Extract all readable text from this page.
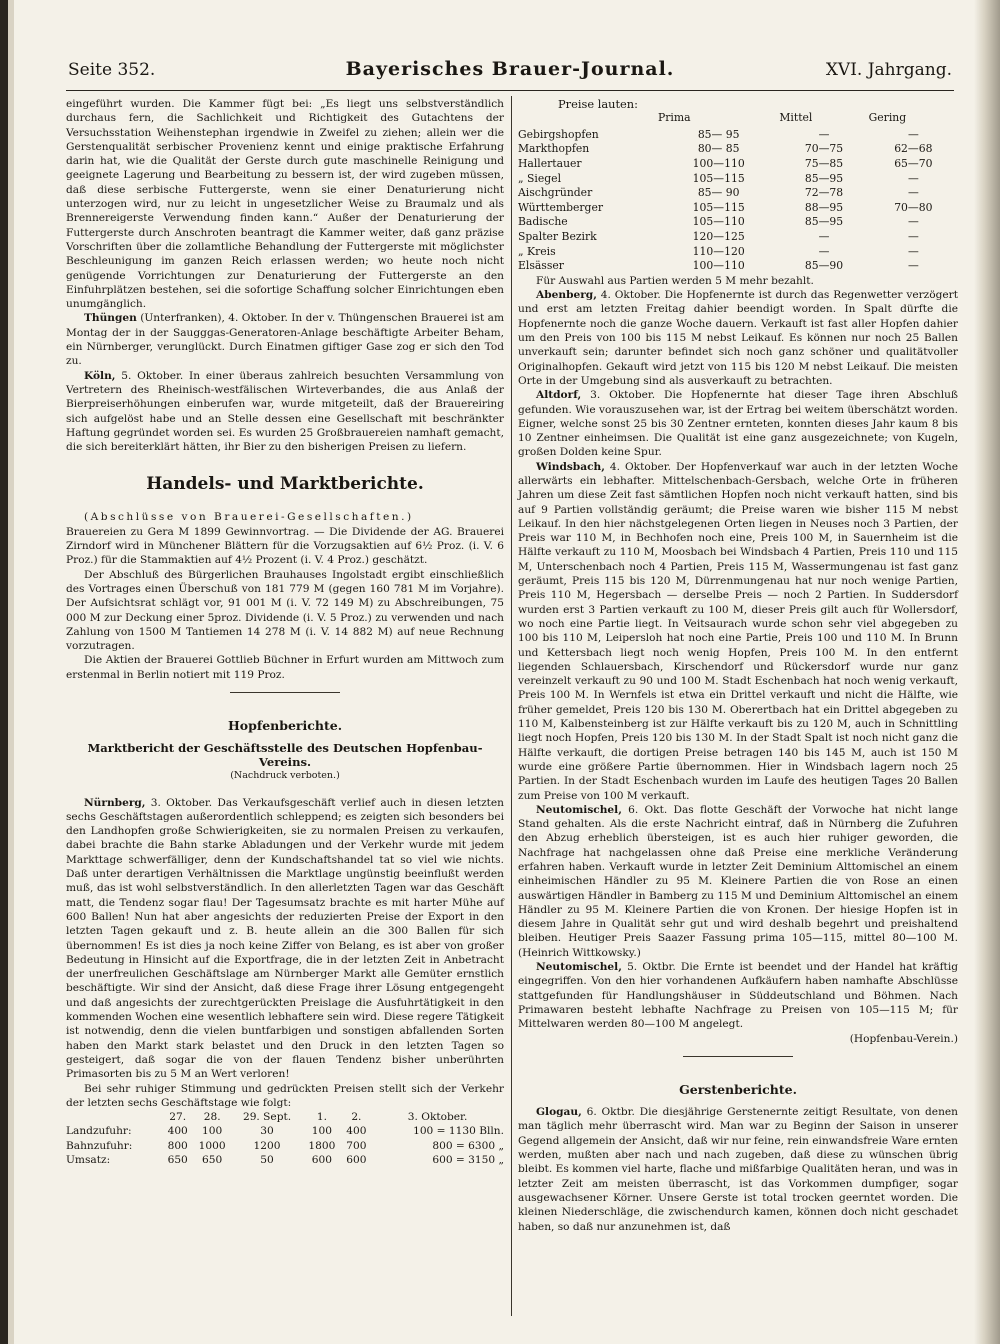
Seite 352.	Bayerisches Brauer-Journal.	XVI. Jahrgang.

eingeführt wurden. Die Kammer fügt bei: „Es liegt uns selbstverständlich durchaus fern, die Sachlichkeit und Richtigkeit des Gutachtens der Versuchsstation Weihenstephan irgendwie in Zweifel zu ziehen; allein wer die Gerstenqualität serbischer Provenienz kennt und einige praktische Erfahrung darin hat, wie die Qualität der Gerste durch gute maschinelle Reinigung und geeignete Lagerung und Bearbeitung zu bessern ist, der wird zugeben müssen, daß diese serbische Futtergerste, wenn sie einer Denaturierung nicht unterzogen wird, nur zu leicht in ungesetzlicher Weise zu Braumalz und als Brennereigerste Verwendung finden kann.“ Außer der Denaturierung der Futtergerste durch Anschroten beantragt die Kammer weiter, daß ganz präzise Vorschriften über die zollamtliche Behandlung der Futtergerste mit möglichster Beschleunigung im ganzen Reich erlassen werden; wo heute noch nicht genügende Vorrichtungen zur Denaturierung der Futtergerste an den Einfuhrplätzen bestehen, sei die sofortige Schaffung solcher Einrichtungen eben unumgänglich.

Thüngen (Unterfranken), 4. Oktober. In der v. Thüngenschen Brauerei ist am Montag der in der Saugggas-Generatoren-Anlage beschäftigte Arbeiter Beham, ein Nürnberger, verunglückt. Durch Einatmen giftiger Gase zog er sich den Tod zu.

Köln, 5. Oktober. In einer überaus zahlreich besuchten Versammlung von Vertretern des Rheinisch-westfälischen Wirteverbandes, die aus Anlaß der Bierpreiserhöhungen einberufen war, wurde mitgeteilt, daß der Brauereiring sich aufgelöst habe und an Stelle dessen eine Gesellschaft mit beschränkter Haftung gegründet worden sei. Es wurden 25 Großbrauereien namhaft gemacht, die sich bereiterklärt hätten, ihr Bier zu den bisherigen Preisen zu liefern.

Handels- und Marktberichte.

(Abschlüsse von Brauerei-Gesellschaften.)

Brauereien zu Gera M 1899 Gewinnvortrag. — Die Dividende der AG. Brauerei Zirndorf wird in Münchener Blättern für die Vorzugsaktien auf 6½ Proz. (i. V. 6 Proz.) für die Stammaktien auf 4½ Prozent (i. V. 4 Proz.) geschätzt.

Der Abschluß des Bürgerlichen Brauhauses Ingolstadt ergibt einschließlich des Vortrages einen Überschuß von 181 779 M (gegen 160 781 M im Vorjahre). Der Aufsichtsrat schlägt vor, 91 001 M (i. V. 72 149 M) zu Abschreibungen, 75 000 M zur Deckung einer 5proz. Dividende (i. V. 5 Proz.) zu verwenden und nach Zahlung von 1500 M Tantiemen 14 278 M (i. V. 14 882 M) auf neue Rechnung vorzutragen.

Die Aktien der Brauerei Gottlieb Büchner in Erfurt wurden am Mittwoch zum erstenmal in Berlin notiert mit 119 Proz.

Hopfenberichte.
Marktbericht der Geschäftsstelle des Deutschen Hopfenbau-Vereins.
(Nachdruck verboten.)

Nürnberg, 3. Oktober. Das Verkaufsgeschäft verlief auch in diesen letzten sechs Geschäftstagen außerordentlich schleppend; es zeigten sich besonders bei den Landhopfen große Schwierigkeiten, sie zu normalen Preisen zu verkaufen, dabei brachte die Bahn starke Abladungen und der Verkehr wurde mit jedem Markttage schwerfälliger, denn der Kundschaftshandel tat so viel wie nichts. Daß unter derartigen Verhältnissen die Marktlage ungünstig beeinflußt werden muß, das ist wohl selbstverständlich. In den allerletzten Tagen war das Geschäft matt, die Tendenz sogar flau! Der Tagesumsatz brachte es mit harter Mühe auf 600 Ballen! Nun hat aber angesichts der reduzierten Preise der Export in den letzten Tagen gekauft und z. B. heute allein an die 300 Ballen für sich übernommen! Es ist dies ja noch keine Ziffer von Belang, es ist aber von großer Bedeutung in Hinsicht auf die Exportfrage, die in der letzten Zeit in Anbetracht der unerfreulichen Geschäftslage am Nürnberger Markt alle Gemüter ernstlich beschäftigte. Wir sind der Ansicht, daß diese Frage ihrer Lösung entgegengeht und daß angesichts der zurechtgerückten Preislage die Ausfuhrtätigkeit in den kommenden Wochen eine wesentlich lebhaftere sein wird. Diese regere Tätigkeit ist notwendig, denn die vielen buntfarbigen und sonstigen abfallenden Sorten haben den Markt stark belastet und den Druck in den letzten Tagen so gesteigert, daß sogar die von der flauen Tendenz bisher unberührten Primasorten bis zu 5 M an Wert verloren!

Bei sehr ruhiger Stimmung und gedrückten Preisen stellt sich der Verkehr der letzten sechs Geschäftstage wie folgt:

	27.	28.	29. Sept.	1.	2.	3. Oktober.
Landzufuhr:	400	100	30	100	400	100 = 1130 Blln.
Bahnzufuhr:	800	1000	1200	1800	700	800 = 6300 „
Umsatz:	650	650	50	600	600	600 = 3150 „
Preise lauten:
	Prima	Mittel	Gering
Gebirgshopfen	85— 95	—	—
Markthopfen	80— 85	70—75	62—68
Hallertauer	100—110	75—85	65—70
„ Siegel	105—115	85—95	—
Aischgründer	85— 90	72—78	—
Württemberger	105—115	88—95	70—80
Badische	105—110	85—95	—
Spalter Bezirk	120—125	—	—
„ Kreis	110—120	—	—
Elsässer	100—110	85—90	—

Für Auswahl aus Partien werden 5 M mehr bezahlt.

Abenberg, 4. Oktober. Die Hopfenernte ist durch das Regenwetter verzögert und erst am letzten Freitag dahier beendigt worden. In Spalt dürfte die Hopfenernte noch die ganze Woche dauern. Verkauft ist fast aller Hopfen dahier um den Preis von 100 bis 115 M nebst Leikauf. Es können nur noch 25 Ballen unverkauft sein; darunter befindet sich noch ganz schöner und qualitätvoller Originalhopfen. Gekauft wird jetzt von 115 bis 120 M nebst Leikauf. Die meisten Orte in der Umgebung sind als ausverkauft zu betrachten.

Altdorf, 3. Oktober. Die Hopfenernte hat dieser Tage ihren Abschluß gefunden. Wie vorauszusehen war, ist der Ertrag bei weitem überschätzt worden. Eigner, welche sonst 25 bis 30 Zentner ernteten, konnten dieses Jahr kaum 8 bis 10 Zentner einheimsen. Die Qualität ist eine ganz ausgezeichnete; von Kugeln, großen Dolden keine Spur.

Windsbach, 4. Oktober. Der Hopfenverkauf war auch in der letzten Woche allerwärts ein lebhafter. Mittelschenbach-Gersbach, welche Orte in früheren Jahren um diese Zeit fast sämtlichen Hopfen noch nicht verkauft hatten, sind bis auf 9 Partien vollständig geräumt; die Preise waren wie bisher 115 M nebst Leikauf. In den hier nächstgelegenen Orten liegen in Neuses noch 3 Partien, der Preis war 110 M, in Bechhofen noch eine, Preis 100 M, in Sauernheim ist die Hälfte verkauft zu 110 M, Moosbach bei Windsbach 4 Partien, Preis 110 und 115 M, Unterschenbach noch 4 Partien, Preis 115 M, Wassermungenau ist fast ganz geräumt, Preis 115 bis 120 M, Dürrenmungenau hat nur noch wenige Partien, Preis 110 M, Hegersbach — derselbe Preis — noch 2 Partien. In Suddersdorf wurden erst 3 Partien verkauft zu 100 M, dieser Preis gilt auch für Wollersdorf, wo noch eine Partie liegt. In Veitsaurach wurde schon sehr viel abgegeben zu 100 bis 110 M, Leipersloh hat noch eine Partie, Preis 100 und 110 M. In Brunn und Kettersbach liegt noch wenig Hopfen, Preis 100 M. In den entfernt liegenden Schlauersbach, Kirschendorf und Rückersdorf wurde nur ganz vereinzelt verkauft zu 90 und 100 M. Stadt Eschenbach hat noch wenig verkauft, Preis 100 M. In Wernfels ist etwa ein Drittel verkauft und nicht die Hälfte, wie früher gemeldet, Preis 120 bis 130 M. Oberertbach hat ein Drittel abgegeben zu 110 M, Kalbensteinberg ist zur Hälfte verkauft bis zu 120 M, auch in Schnittling liegt noch Hopfen, Preis 120 bis 130 M. In der Stadt Spalt ist noch nicht ganz die Hälfte verkauft, die dortigen Preise betragen 140 bis 145 M, auch ist 150 M wurde eine größere Partie übernommen. Hier in Windsbach lagern noch 25 Partien. In der Stadt Eschenbach wurden im Laufe des heutigen Tages 20 Ballen zum Preise von 100 M verkauft.

Neutomischel, 6. Okt. Das flotte Geschäft der Vorwoche hat nicht lange Stand gehalten. Als die erste Nachricht eintraf, daß in Nürnberg die Zufuhren den Abzug erheblich übersteigen, ist es auch hier ruhiger geworden, die Nachfrage hat nachgelassen ohne daß Preise eine merkliche Veränderung erfahren haben. Verkauft wurde in letzter Zeit Deminium Alttomischel an einem einheimischen Händler zu 95 M. Kleinere Partien die von Rose an einen auswärtigen Händler in Bamberg zu 115 M und Deminium Alttomischel an einem Händler zu 95 M. Kleinere Partien die von Kronen. Der hiesige Hopfen ist in diesem Jahre in Qualität sehr gut und wird deshalb begehrt und preishaltend bleiben. Heutiger Preis Saazer Fassung prima 105—115, mittel 80—100 M. (Heinrich Wittkowsky.)

Neutomischel, 5. Oktbr. Die Ernte ist beendet und der Handel hat kräftig eingegriffen. Von den hier vorhandenen Aufkäufern haben namhafte Abschlüsse stattgefunden für Handlungshäuser in Süddeutschland und Böhmen. Nach Primawaren besteht lebhafte Nachfrage zu Preisen von 105—115 M; für Mittelwaren werden 80—100 M angelegt.

(Hopfenbau-Verein.)

Gerstenberichte.

Glogau, 6. Oktbr. Die diesjährige Gerstenernte zeitigt Resultate, von denen man täglich mehr überrascht wird. Man war zu Beginn der Saison in unserer Gegend allgemein der Ansicht, daß wir nur feine, rein einwandsfreie Ware ernten werden, mußten aber nach und nach zugeben, daß diese zu wünschen übrig bleibt. Es kommen viel harte, flache und mißfarbige Qualitäten heran, und was in letzter Zeit am meisten überrascht, ist das Vorkommen dumpfiger, sogar ausgewachsener Körner. Unsere Gerste ist total trocken geerntet worden. Die kleinen Niederschläge, die zwischendurch kamen, können doch nicht geschadet haben, so daß nur anzunehmen ist, daß
